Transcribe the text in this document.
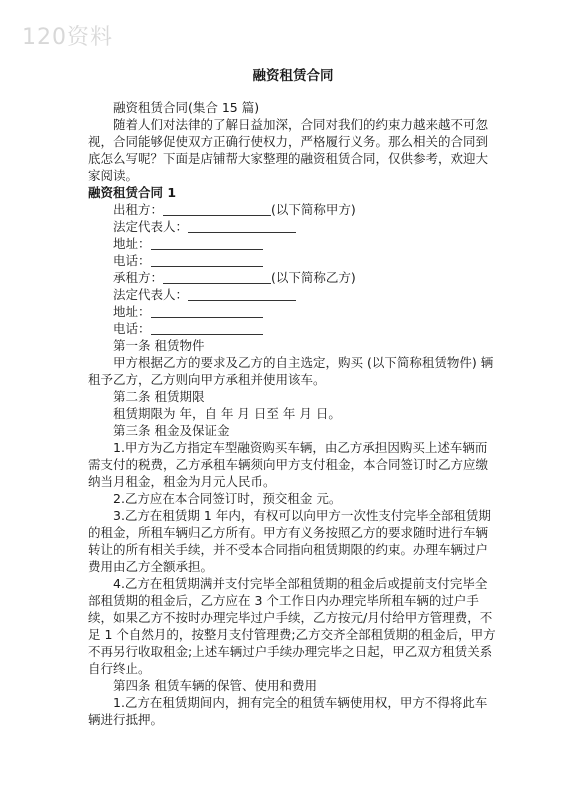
120资料

融资租赁合同

融资租赁合同(集合 15 篇)

随着人们对法律的了解日益加深，合同对我们的约束力越来越不可忽视，合同能够促使双方正确行使权力，严格履行义务。那么相关的合同到底怎么写呢？下面是店铺帮大家整理的融资租赁合同，仅供参考，欢迎大家阅读。

融资租赁合同 1

出租方：	(以下简称甲方)

法定代表人：

地址：

电话：

承租方：	(以下简称乙方)

法定代表人：

地址：

电话：

第一条 租赁物件

甲方根据乙方的要求及乙方的自主选定，购买 (以下简称租赁物件) 辆租予乙方，乙方则向甲方承租并使用该车。

第二条 租赁期限

租赁期限为 年，自 年 月 日至 年 月 日。

第三条 租金及保证金

1.甲方为乙方指定车型融资购买车辆，由乙方承担因购买上述车辆而需支付的税费，乙方承租车辆须向甲方支付租金，本合同签订时乙方应缴纳当月租金，租金为月元人民币。

2.乙方应在本合同签订时，预交租金 元。

3.乙方在租赁期 1 年内，有权可以向甲方一次性支付完毕全部租赁期的租金，所租车辆归乙方所有。甲方有义务按照乙方的要求随时进行车辆转让的所有相关手续，并不受本合同指向租赁期限的约束。办理车辆过户费用由乙方全额承担。

4.乙方在租赁期满并支付完毕全部租赁期的租金后或提前支付完毕全部租赁期的租金后，乙方应在 3 个工作日内办理完毕所租车辆的过户手续，如果乙方不按时办理完毕过户手续，乙方按元/月付给甲方管理费，不足 1 个自然月的，按整月支付管理费;乙方交齐全部租赁期的租金后，甲方不再另行收取租金;上述车辆过户手续办理完毕之日起，甲乙双方租赁关系自行终止。

第四条 租赁车辆的保管、使用和费用

1.乙方在租赁期间内，拥有完全的租赁车辆使用权，甲方不得将此车辆进行抵押。
